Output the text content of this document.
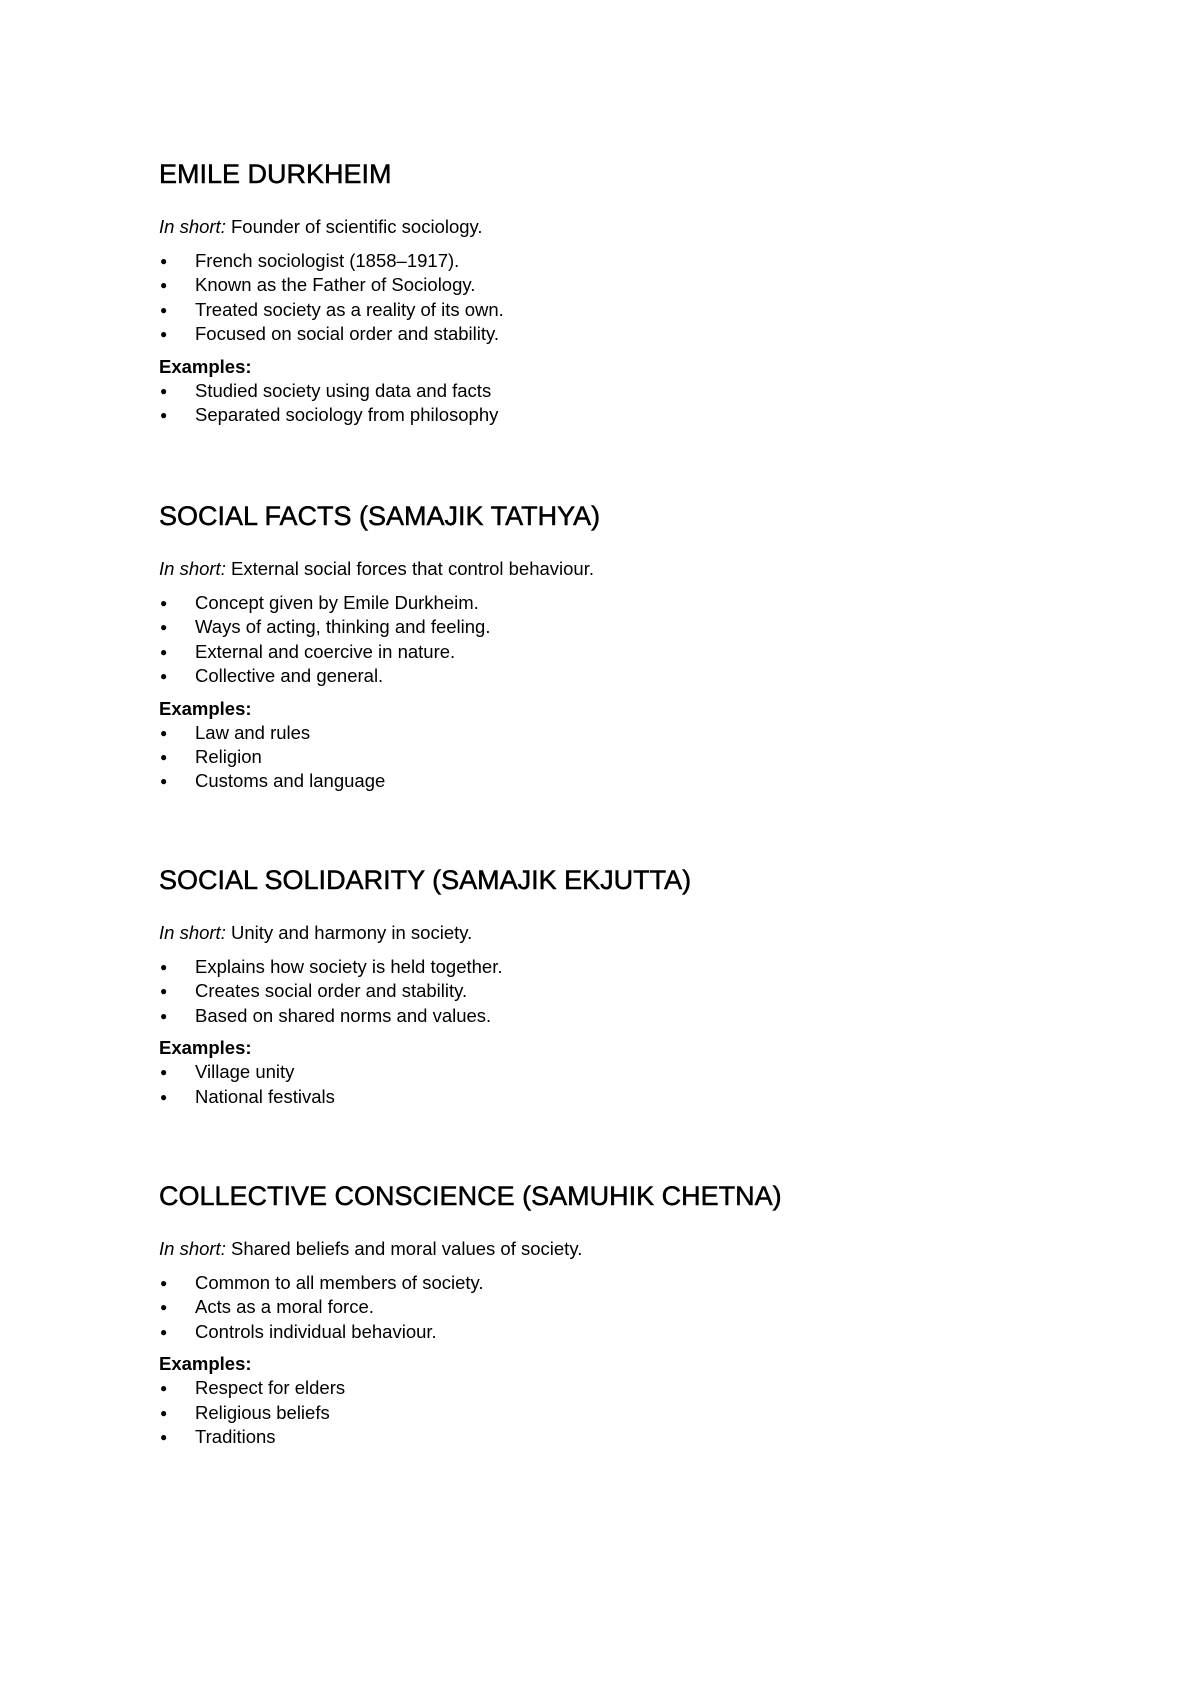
EMILE DURKHEIM
In short: Founder of scientific sociology.
● French sociologist (1858–1917).
● Known as the Father of Sociology.
● Treated society as a reality of its own.
● Focused on social order and stability.
Examples:
● Studied society using data and facts
● Separated sociology from philosophy
SOCIAL FACTS (SAMAJIK TATHYA)
In short: External social forces that control behaviour.
● Concept given by Emile Durkheim.
● Ways of acting, thinking and feeling.
● External and coercive in nature.
● Collective and general.
Examples:
● Law and rules
● Religion
● Customs and language
SOCIAL SOLIDARITY (SAMAJIK EKJUTTA)
In short: Unity and harmony in society.
● Explains how society is held together.
● Creates social order and stability.
● Based on shared norms and values.
Examples:
● Village unity
● National festivals
COLLECTIVE CONSCIENCE (SAMUHIK CHETNA)
In short: Shared beliefs and moral values of society.
● Common to all members of society.
● Acts as a moral force.
● Controls individual behaviour.
Examples:
● Respect for elders
● Religious beliefs
● Traditions
